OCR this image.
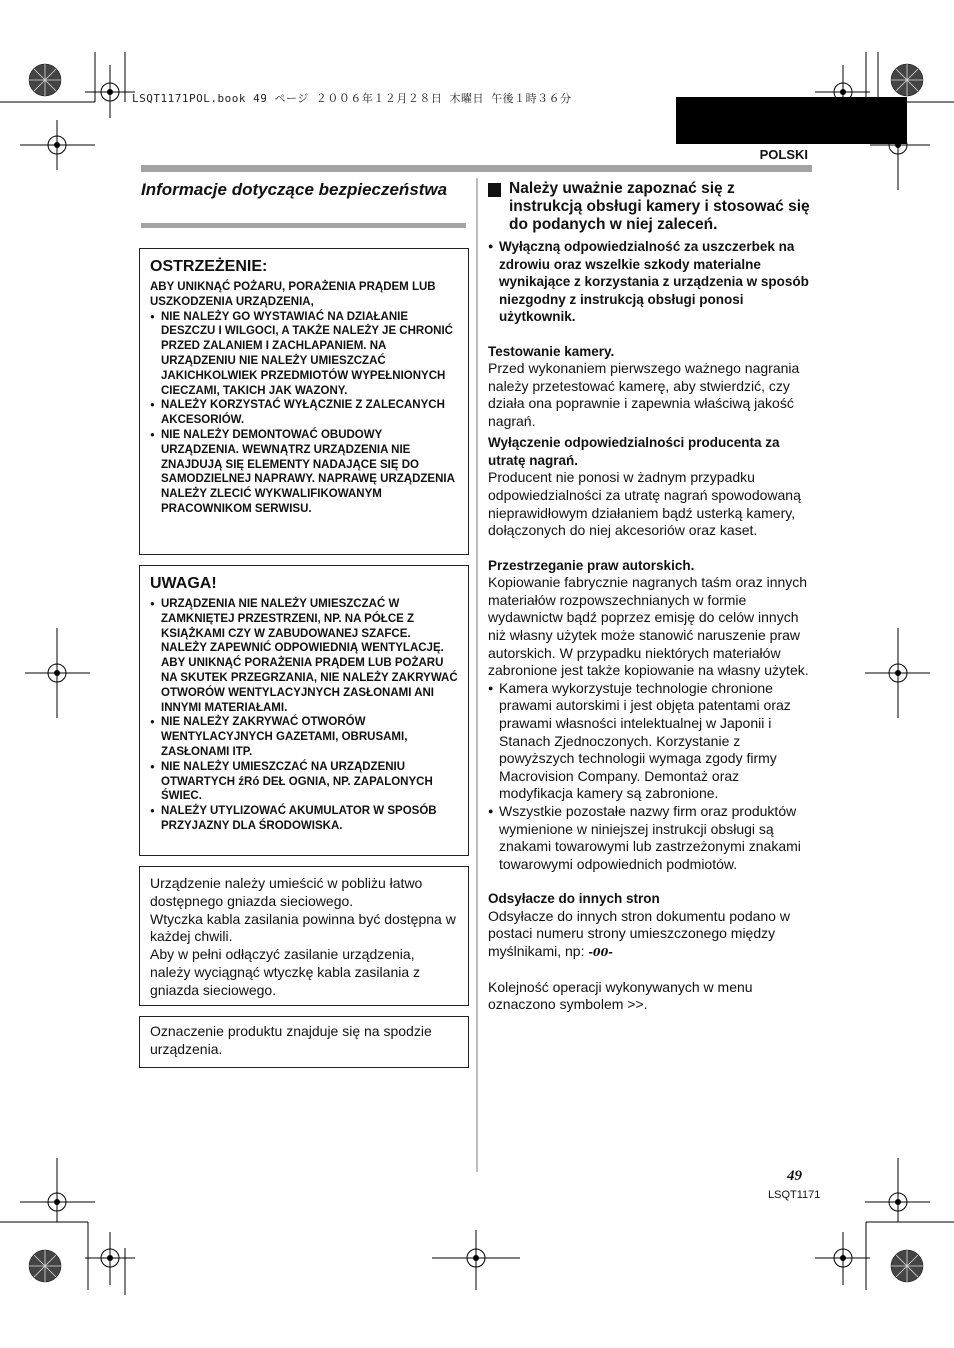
LSQT1171POL.book 49 ページ ２００６年１２月２８日 木曜日 午後１時３６分
POLSKI
Informacje dotyczące bezpieczeństwa
OSTRZEŻENIE:
ABY UNIKNĄĆ POŻARU, PORAŻENIA PRĄDEM LUB USZKODZENIA URZĄDZENIA,
● NIE NALEŻY GO WYSTAWIAĆ NA DZIAŁANIE DESZCZU I WILGOCI, A TAKŻE NALEŻY JE CHRONIĆ PRZED ZALANIEM I ZACHLAPANIEM. NA URZĄDZENIU NIE NALEŻY UMIESZCZAĆ JAKICHKOLWIEK PRZEDMIOTÓW WYPEŁNIONYCH CIECZAMI, TAKICH JAK WAZONY.
● NALEŻY KORZYSTAĆ WYŁĄCZNIE Z ZALECANYCH AKCESORIÓW.
● NIE NALEŻY DEMONTOWAĆ OBUDOWY URZĄDZENIA. WEWNĄTRZ URZĄDZENIA NIE ZNAJDUJĄ SIĘ ELEMENTY NADAJĄCE SIĘ DO SAMODZIELNEJ NAPRAWY. NAPRAWĘ URZĄDZENIA NALEŻY ZLECIĆ WYKWALIFIKOWANYM PRACOWNIKOM SERWISU.
UWAGA!
● URZĄDZENIA NIE NALEŻY UMIESZCZAĆ W ZAMKNIĘTEJ PRZESTRZENI, NP. NA PÓŁCE Z KSIĄŻKAMI CZY W ZABUDOWANEJ SZAFCE. NALEŻY ZAPEWNIĆ ODPOWIEDNIĄ WENTYLACJĘ. ABY UNIKNĄĆ PORAŻENIA PRĄDEM LUB POŻARU NA SKUTEK PRZEGRZANIA, NIE NALEŻY ZAKRYWAĆ OTWORÓW WENTYLACYJNYCH ZASŁONAMI ANI INNYMI MATERIAŁAMI.
● NIE NALEŻY ZAKRYWAĆ OTWORÓW WENTYLACYJNYCH GAZETAMI, OBRUSAMI, ZASŁONAMI ITP.
● NIE NALEŻY UMIESZCZAĆ NA URZĄDZENIU OTWARTYCH źRó DEŁ OGNIA, NP. ZAPALONYCH ŚWIEC.
● NALEŻY UTYLIZOWAĆ AKUMULATOR W SPOSÓB PRZYJAZNY DLA ŚRODOWISKA.
Urządzenie należy umieścić w pobliżu łatwo dostępnego gniazda sieciowego.
Wtyczka kabla zasilania powinna być dostępna w każdej chwili.
Aby w pełni odłączyć zasilanie urządzenia, należy wyciągnąć wtyczkę kabla zasilania z gniazda sieciowego.
Oznaczenie produktu znajduje się na spodzie urządzenia.
Należy uważnie zapoznać się z instrukcją obsługi kamery i stosować się do podanych w niej zaleceń.
● Wyłączną odpowiedzialność za uszczerbek na zdrowiu oraz wszelkie szkody materialne wynikające z korzystania z urządzenia w sposób niezgodny z instrukcją obsługi ponosi użytkownik.
Testowanie kamery.
Przed wykonaniem pierwszego ważnego nagrania należy przetestować kamerę, aby stwierdzić, czy działa ona poprawnie i zapewnia właściwą jakość nagrań.
Wyłączenie odpowiedzialności producenta za utratę nagrań.
Producent nie ponosi w żadnym przypadku odpowiedzialności za utratę nagrań spowodowaną nieprawidłowym działaniem bądź usterką kamery, dołączonych do niej akcesoriów oraz kaset.
Przestrzeganie praw autorskich.
Kopiowanie fabrycznie nagranych taśm oraz innych materiałów rozpowszechnianych w formie wydawnictw bądź poprzez emisję do celów innych niż własny użytek może stanowić naruszenie praw autorskich. W przypadku niektórych materiałów zabronione jest także kopiowanie na własny użytek.
● Kamera wykorzystuje technologie chronione prawami autorskimi i jest objęta patentami oraz prawami własności intelektualnej w Japonii i Stanach Zjednoczonych. Korzystanie z powyższych technologii wymaga zgody firmy Macrovision Company. Demontaż oraz modyfikacja kamery są zabronione.
● Wszystkie pozostałe nazwy firm oraz produktów wymienione w niniejszej instrukcji obsługi są znakami towarowymi lub zastrzeżonymi znakami towarowymi odpowiednich podmiotów.
Odsyłacze do innych stron
Odsyłacze do innych stron dokumentu podano w postaci numeru strony umieszczonego między myślnikami, np: -00-
Kolejność operacji wykonywanych w menu oznaczono symbolem >>.
49
LSQT1171
